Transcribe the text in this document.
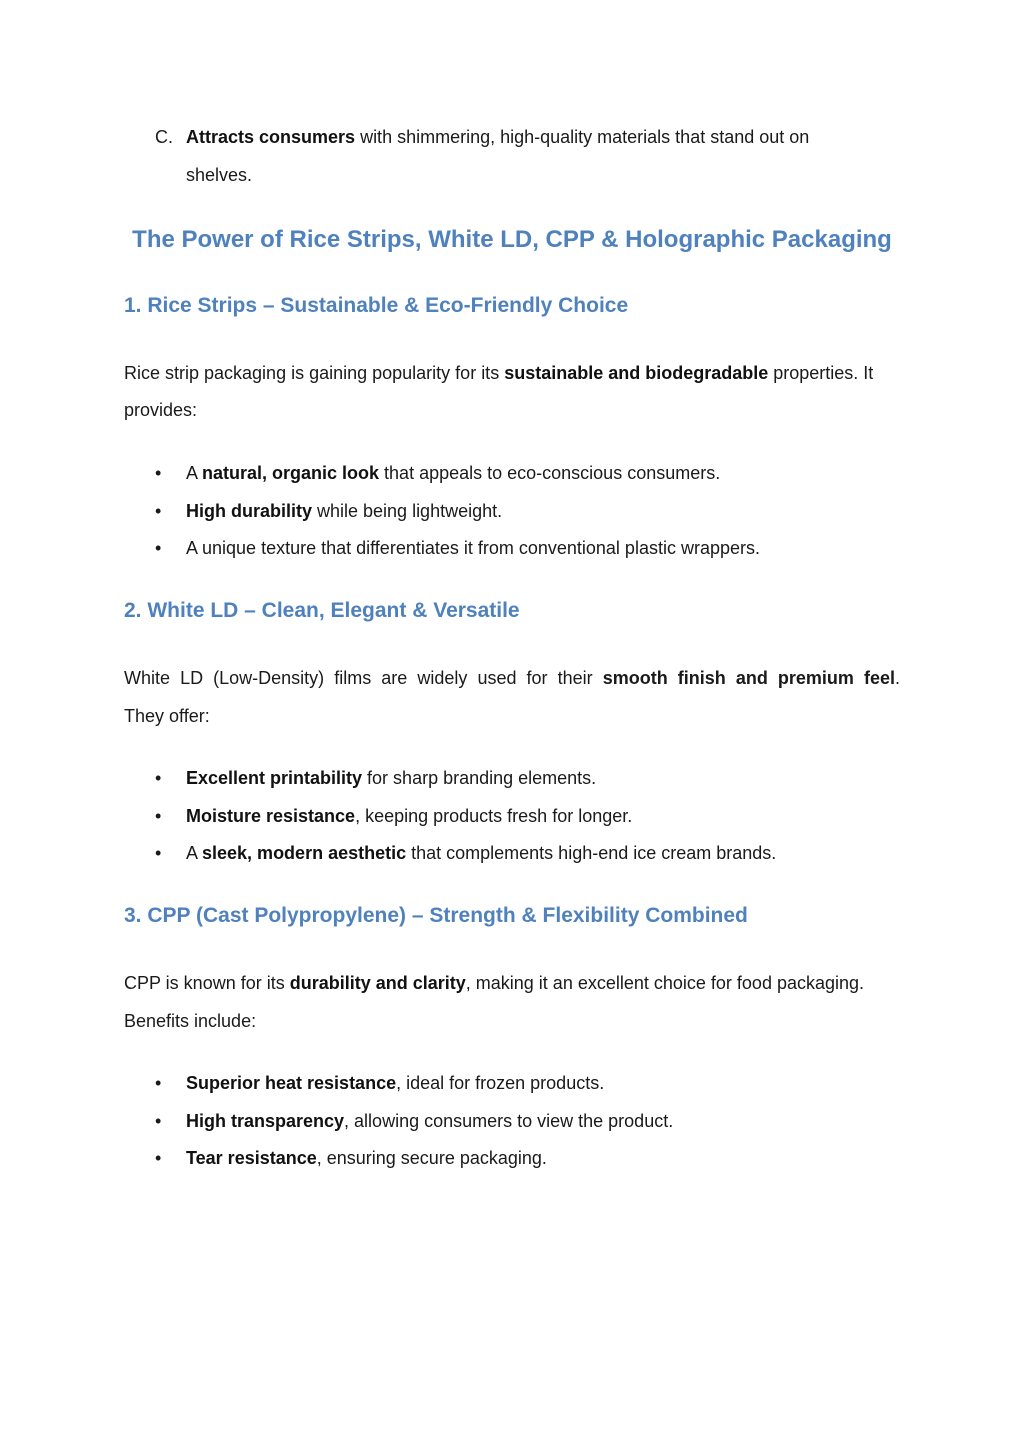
C. Attracts consumers with shimmering, high-quality materials that stand out on
shelves.
The Power of Rice Strips, White LD, CPP & Holographic Packaging
1. Rice Strips – Sustainable & Eco-Friendly Choice
Rice strip packaging is gaining popularity for its sustainable and biodegradable properties. It
provides:
• A natural, organic look that appeals to eco-conscious consumers.
• High durability while being lightweight.
• A unique texture that differentiates it from conventional plastic wrappers.
2. White LD – Clean, Elegant & Versatile
White LD (Low-Density) films are widely used for their smooth finish and premium feel.
They offer:
• Excellent printability for sharp branding elements.
• Moisture resistance, keeping products fresh for longer.
• A sleek, modern aesthetic that complements high-end ice cream brands.
3. CPP (Cast Polypropylene) – Strength & Flexibility Combined
CPP is known for its durability and clarity, making it an excellent choice for food packaging.
Benefits include:
• Superior heat resistance, ideal for frozen products.
• High transparency, allowing consumers to view the product.
• Tear resistance, ensuring secure packaging.
